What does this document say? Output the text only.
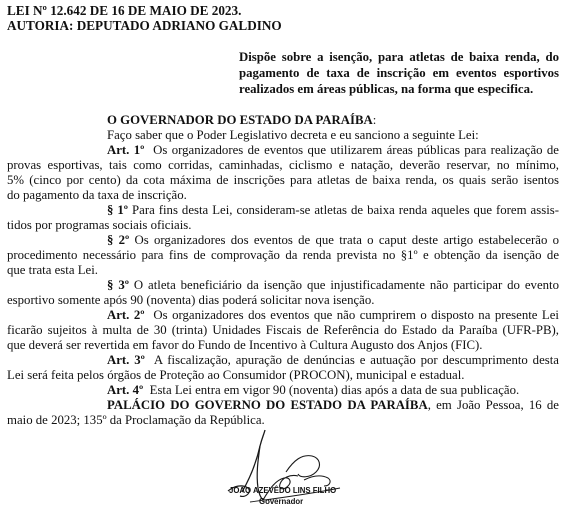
LEI Nº 12.642 DE 16 DE MAIO DE 2023.
AUTORIA: DEPUTADO ADRIANO GALDINO
Dispõe sobre a isenção, para atletas de baixa renda, do pagamento de taxa de inscrição em eventos esportivos realizados em áreas públicas, na forma que especifica.
O GOVERNADOR DO ESTADO DA PARAÍBA:
Faço saber que o Poder Legislativo decreta e eu sanciono a seguinte Lei:
Art. 1º Os organizadores de eventos que utilizarem áreas públicas para realização de
provas esportivas, tais como corridas, caminhadas, ciclismo e natação, deverão reservar, no mínimo,
5% (cinco por cento) da cota máxima de inscrições para atletas de baixa renda, os quais serão isentos
do pagamento da taxa de inscrição.
§ 1º Para fins desta Lei, consideram-se atletas de baixa renda aqueles que forem assis-
tidos por programas sociais oficiais.
§ 2º Os organizadores dos eventos de que trata o caput deste artigo estabelecerão o
procedimento necessário para fins de comprovação da renda prevista no §1º e obtenção da isenção de
que trata esta Lei.
§ 3º O atleta beneficiário da isenção que injustificadamente não participar do evento
esportivo somente após 90 (noventa) dias poderá solicitar nova isenção.
Art. 2º Os organizadores dos eventos que não cumprirem o disposto na presente Lei
ficarão sujeitos à multa de 30 (trinta) Unidades Fiscais de Referência do Estado da Paraíba (UFR-PB),
que deverá ser revertida em favor do Fundo de Incentivo à Cultura Augusto dos Anjos (FIC).
Art. 3º A fiscalização, apuração de denúncias e autuação por descumprimento desta
Lei será feita pelos órgãos de Proteção ao Consumidor (PROCON), municipal e estadual.
Art. 4º Esta Lei entra em vigor 90 (noventa) dias após a data de sua publicação.
PALÁCIO DO GOVERNO DO ESTADO DA PARAÍBA, em João Pessoa, 16 de
maio de 2023; 135º da Proclamação da República.
JOÃO AZEVÊDO LINS FILHO
Governador
